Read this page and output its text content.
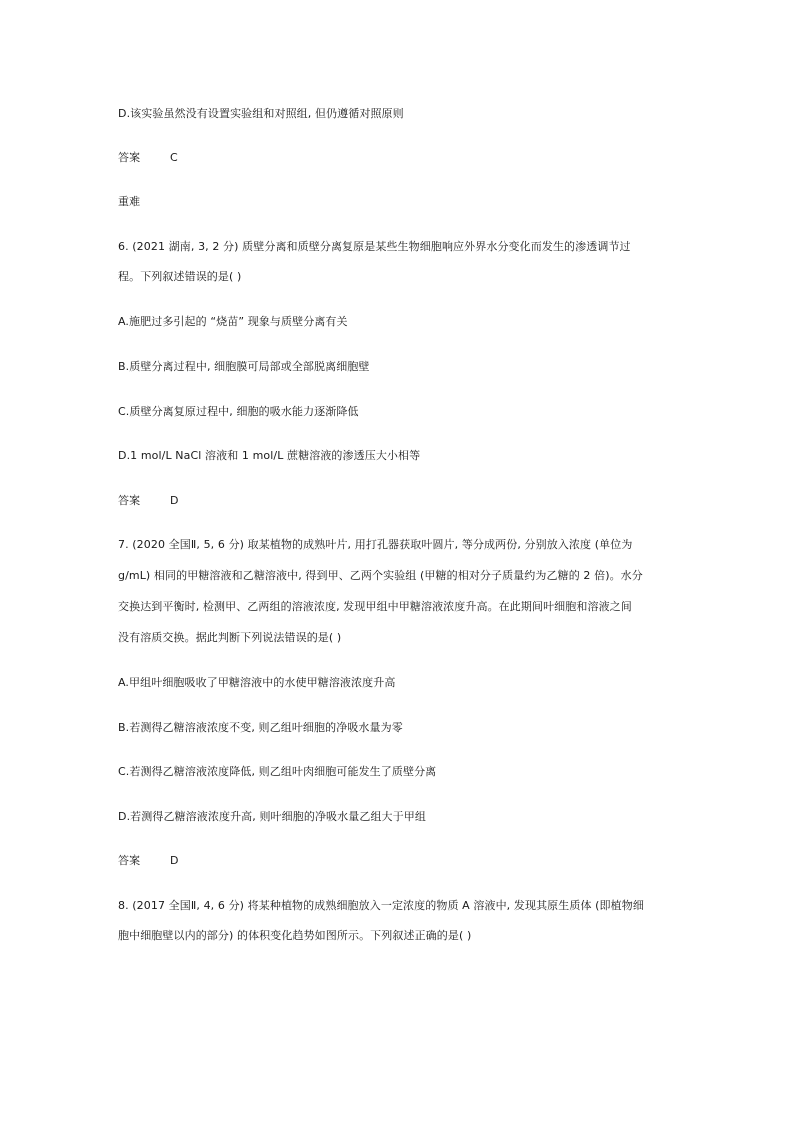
D.该实验虽然没有设置实验组和对照组, 但仍遵循对照原则
答案	C
重难
6. (2021 湖南, 3, 2 分) 质壁分离和质壁分离复原是某些生物细胞响应外界水分变化而发生的渗透调节过
程。下列叙述错误的是( )
A.施肥过多引起的 “烧苗” 现象与质壁分离有关
B.质壁分离过程中, 细胞膜可局部或全部脱离细胞壁
C.质壁分离复原过程中, 细胞的吸水能力逐渐降低
D.1 mol/L NaCl 溶液和 1 mol/L 蔗糖溶液的渗透压大小相等
答案	D
7. (2020 全国Ⅱ, 5, 6 分) 取某植物的成熟叶片, 用打孔器获取叶圆片, 等分成两份, 分别放入浓度 (单位为
g/mL) 相同的甲糖溶液和乙糖溶液中, 得到甲、乙两个实验组 (甲糖的相对分子质量约为乙糖的 2 倍)。水分
交换达到平衡时, 检测甲、乙两组的溶液浓度, 发现甲组中甲糖溶液浓度升高。在此期间叶细胞和溶液之间
没有溶质交换。据此判断下列说法错误的是( )
A.甲组叶细胞吸收了甲糖溶液中的水使甲糖溶液浓度升高
B.若测得乙糖溶液浓度不变, 则乙组叶细胞的净吸水量为零
C.若测得乙糖溶液浓度降低, 则乙组叶肉细胞可能发生了质壁分离
D.若测得乙糖溶液浓度升高, 则叶细胞的净吸水量乙组大于甲组
答案	D
8. (2017 全国Ⅱ, 4, 6 分) 将某种植物的成熟细胞放入一定浓度的物质 A 溶液中, 发现其原生质体 (即植物细
胞中细胞壁以内的部分) 的体积变化趋势如图所示。下列叙述正确的是( )
